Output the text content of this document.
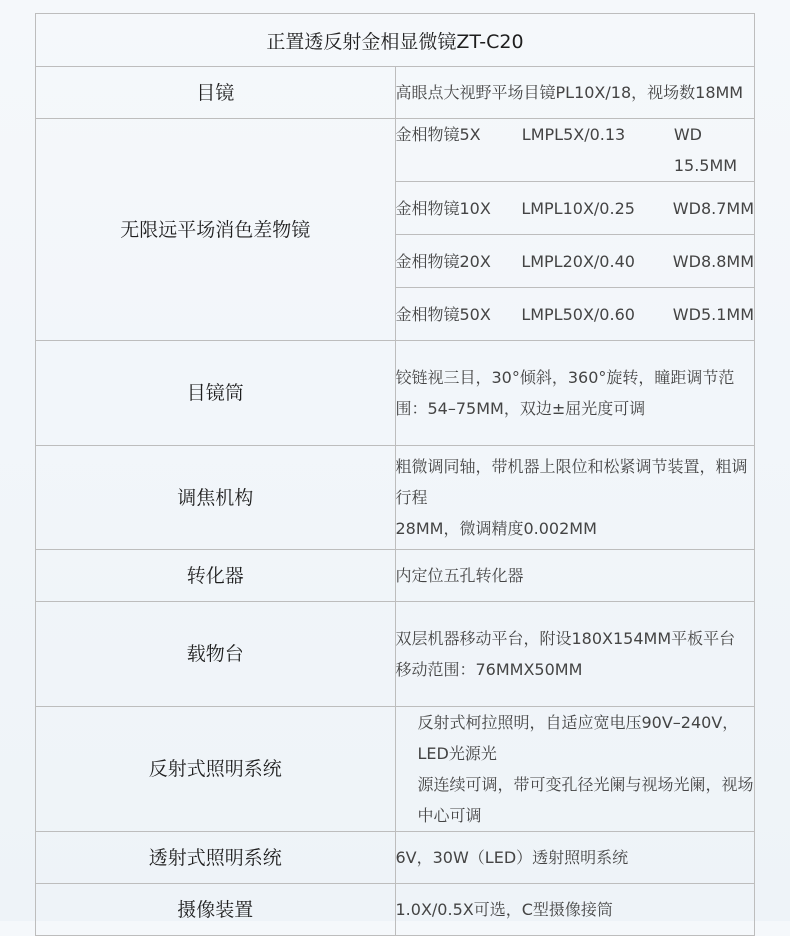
正置透反射金相显微镜ZT-C20	
目镜	高眼点大视野平场目镜PL10X/18，视场数18MM
无限远平场消色差物镜	金相物镜5X LMPL5X/0.13 WD 15.5MM

	金相物镜10X LMPL10X/0.25 WD8.7MM

	金相物镜20X LMPL20X/0.40 WD8.8MM

	金相物镜50X LMPL50X/0.60 WD5.1MM

目镜筒	铰链视三目，30°倾斜，360°旋转，瞳距调节范
围：54–75MM，双边±屈光度可调

调焦机构	粗微调同轴，带机器上限位和松紧调节装置，粗调行程
28MM，微调精度0.002MM

转化器	内定位五孔转化器
载物台	双层机器移动平台，附设180X154MM平板平台
移动范围：76MMX50MM

反射式照明系统	反射式柯拉照明，自适应宽电压90V–240V，LED光源光
源连续可调，带可变孔径光阑与视场光阑，视场中心可调

透射式照明系统	6V，30W（LED）透射照明系统
摄像装置	1.0X/0.5X可选，C型摄像接筒
